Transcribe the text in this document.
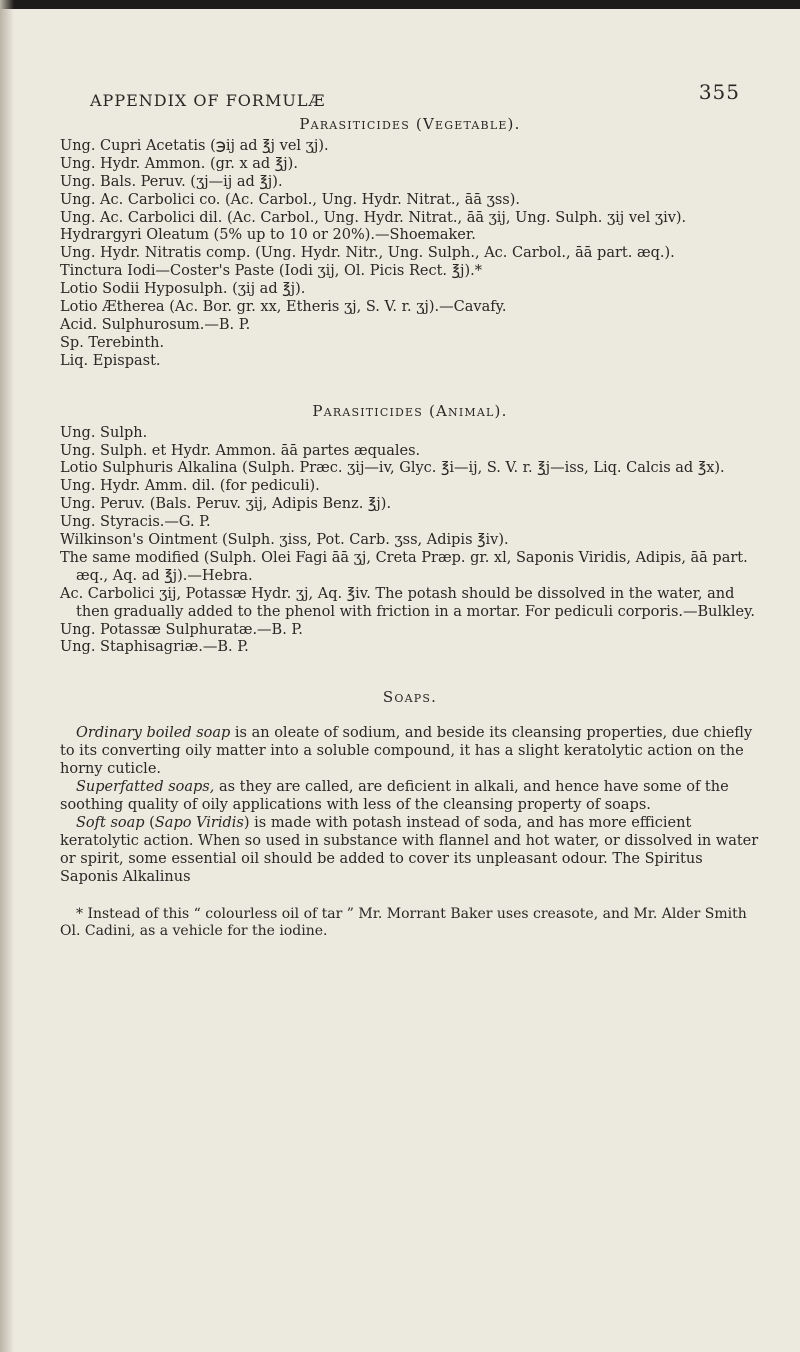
APPENDIX OF FORMULÆ	355
Parasiticides (Vegetable).

Ung. Cupri Acetatis (℈ij ad ℥j vel ʒj).

Ung. Hydr. Ammon. (gr. x ad ℥j).

Ung. Bals. Peruv. (ʒj—ij ad ℥j).

Ung. Ac. Carbolici co. (Ac. Carbol., Ung. Hydr. Nitrat., āā ʒss).

Ung. Ac. Carbolici dil. (Ac. Carbol., Ung. Hydr. Nitrat., āā ʒij, Ung. Sulph. ʒij vel ʒiv).

Hydrargyri Oleatum (5% up to 10 or 20%).—Shoemaker.

Ung. Hydr. Nitratis comp. (Ung. Hydr. Nitr., Ung. Sulph., Ac. Carbol., āā part. æq.).

Tinctura Iodi—Coster's Paste (Iodi ʒij, Ol. Picis Rect. ℥j).*

Lotio Sodii Hyposulph. (ʒij ad ℥j).

Lotio Ætherea (Ac. Bor. gr. xx, Etheris ʒj, S. V. r. ʒj).—Cavafy.

Acid. Sulphurosum.—B. P.

Sp. Terebinth.

Liq. Epispast.

Parasiticides (Animal).

Ung. Sulph.

Ung. Sulph. et Hydr. Ammon. āā partes æquales.

Lotio Sulphuris Alkalina (Sulph. Præc. ʒij—iv, Glyc. ℥i—ij, S. V. r. ℥j—iss, Liq. Calcis ad ℥x).

Ung. Hydr. Amm. dil. (for pediculi).

Ung. Peruv. (Bals. Peruv. ʒij, Adipis Benz. ℥j).

Ung. Styracis.—G. P.

Wilkinson's Ointment (Sulph. ʒiss, Pot. Carb. ʒss, Adipis ℥iv).

The same modified (Sulph. Olei Fagi āā ʒj, Creta Præp. gr. xl, Saponis Viridis, Adipis, āā part. æq., Aq. ad ℥j).—Hebra.

Ac. Carbolici ʒij, Potassæ Hydr. ʒj, Aq. ℥iv. The potash should be dissolved in the water, and then gradually added to the phenol with friction in a mortar. For pediculi corporis.—Bulkley.

Ung. Potassæ Sulphuratæ.—B. P.

Ung. Staphisagriæ.—B. P.

Soaps.

Ordinary boiled soap is an oleate of sodium, and beside its cleansing properties, due chiefly to its converting oily matter into a soluble compound, it has a slight keratolytic action on the horny cuticle.

Superfatted soaps, as they are called, are deficient in alkali, and hence have some of the soothing quality of oily applications with less of the cleansing property of soaps.

Soft soap (Sapo Viridis) is made with potash instead of soda, and has more efficient keratolytic action. When so used in substance with flannel and hot water, or dissolved in water or spirit, some essential oil should be added to cover its unpleasant odour. The Spiritus Saponis Alkalinus

* Instead of this “ colourless oil of tar ” Mr. Morrant Baker uses creasote, and Mr. Alder Smith Ol. Cadini, as a vehicle for the iodine.
